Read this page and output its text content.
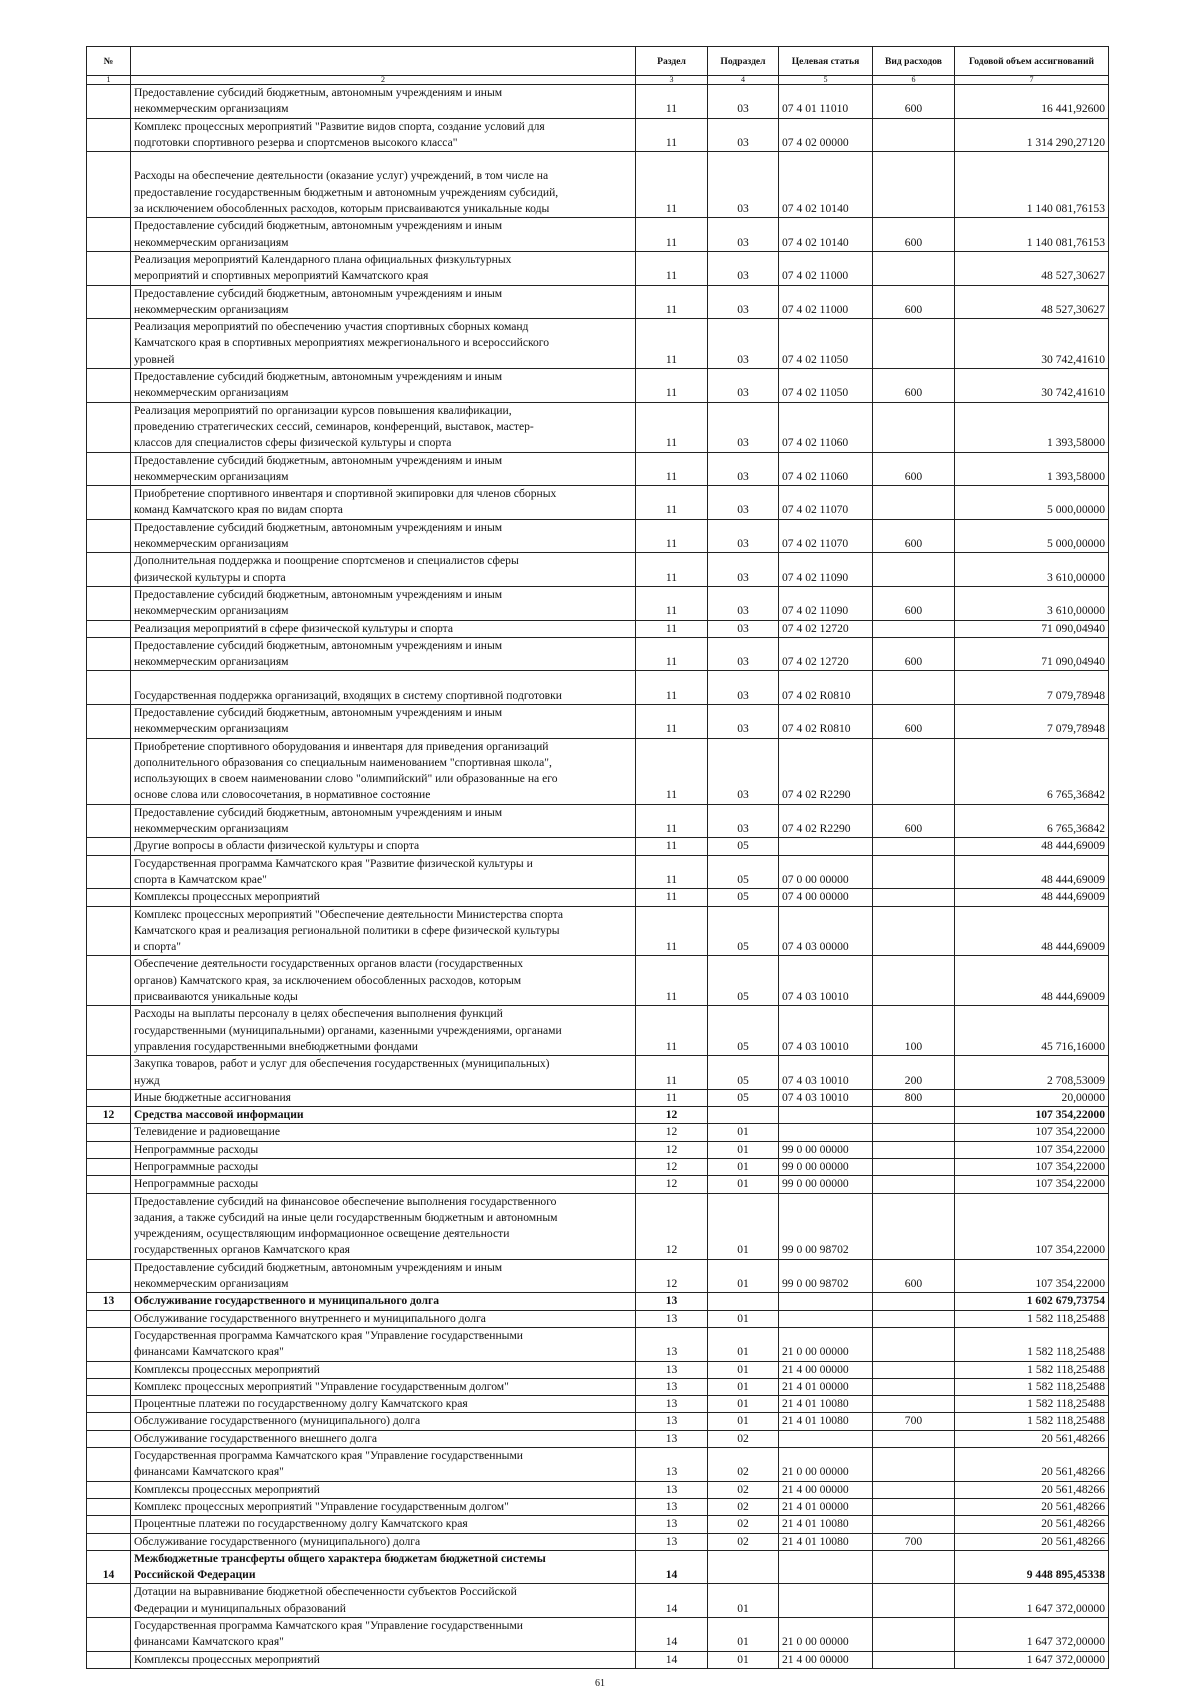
№		Раздел	Подраздел	Целевая статья	Вид расходов	Годовой объем ассигнований
1	2	3	4	5	6	7
	Предоставление субсидий бюджетным, автономным учреждениям и иным
некоммерческим организациям	11	03	07 4 01 11010	600	16 441,92600
	Комплекс процессных мероприятий "Развитие видов спорта, создание условий для
подготовки спортивного резерва и спортсменов высокого класса"	11	03	07 4 02 00000		1 314 290,27120

Расходы на обеспечение деятельности (оказание услуг) учреждений, в том числе на
предоставление государственным бюджетным и автономным учреждениям субсидий,
за исключением обособленных расходов, которым присваиваются уникальные коды	11	03	07 4 02 10140		1 140 081,76153
	Предоставление субсидий бюджетным, автономным учреждениям и иным
некоммерческим организациям	11	03	07 4 02 10140	600	1 140 081,76153
	Реализация мероприятий Календарного плана официальных физкультурных
мероприятий и спортивных мероприятий Камчатского края	11	03	07 4 02 11000		48 527,30627
	Предоставление субсидий бюджетным, автономным учреждениям и иным
некоммерческим организациям	11	03	07 4 02 11000	600	48 527,30627
	Реализация мероприятий по обеспечению участия спортивных сборных команд
Камчатского края в спортивных мероприятиях межрегионального и всероссийского
уровней	11	03	07 4 02 11050		30 742,41610
	Предоставление субсидий бюджетным, автономным учреждениям и иным
некоммерческим организациям	11	03	07 4 02 11050	600	30 742,41610
	Реализация мероприятий по организации курсов повышения квалификации,
проведению стратегических сессий, семинаров, конференций, выставок, мастер-
классов для специалистов сферы физической культуры и спорта	11	03	07 4 02 11060		1 393,58000
	Предоставление субсидий бюджетным, автономным учреждениям и иным
некоммерческим организациям	11	03	07 4 02 11060	600	1 393,58000
	Приобретение спортивного инвентаря и спортивной экипировки для членов сборных
команд Камчатского края по видам спорта	11	03	07 4 02 11070		5 000,00000
	Предоставление субсидий бюджетным, автономным учреждениям и иным
некоммерческим организациям	11	03	07 4 02 11070	600	5 000,00000
	Дополнительная поддержка и поощрение спортсменов и специалистов сферы
физической культуры и спорта	11	03	07 4 02 11090		3 610,00000
	Предоставление субсидий бюджетным, автономным учреждениям и иным
некоммерческим организациям	11	03	07 4 02 11090	600	3 610,00000
	Реализация мероприятий в сфере физической культуры и спорта	11	03	07 4 02 12720		71 090,04940
	Предоставление субсидий бюджетным, автономным учреждениям и иным
некоммерческим организациям	11	03	07 4 02 12720	600	71 090,04940

Государственная поддержка организаций, входящих в систему спортивной подготовки	11	03	07 4 02 R0810		7 079,78948
	Предоставление субсидий бюджетным, автономным учреждениям и иным
некоммерческим организациям	11	03	07 4 02 R0810	600	7 079,78948
	Приобретение спортивного оборудования и инвентаря для приведения организаций
дополнительного образования со специальным наименованием "спортивная школа",
использующих в своем наименовании слово "олимпийский" или образованные на его
основе слова или словосочетания, в нормативное состояние	11	03	07 4 02 R2290		6 765,36842
	Предоставление субсидий бюджетным, автономным учреждениям и иным
некоммерческим организациям	11	03	07 4 02 R2290	600	6 765,36842
	Другие вопросы в области физической культуры и спорта	11	05			48 444,69009
	Государственная программа Камчатского края "Развитие физической культуры и
спорта в Камчатском крае"	11	05	07 0 00 00000		48 444,69009
	Комплексы процессных мероприятий	11	05	07 4 00 00000		48 444,69009
	Комплекс процессных мероприятий "Обеспечение деятельности Министерства спорта
Камчатского края и реализация региональной политики в сфере физической культуры
и спорта"	11	05	07 4 03 00000		48 444,69009
	Обеспечение деятельности государственных органов власти (государственных
органов) Камчатского края, за исключением обособленных расходов, которым
присваиваются уникальные коды	11	05	07 4 03 10010		48 444,69009
	Расходы на выплаты персоналу в целях обеспечения выполнения функций
государственными (муниципальными) органами, казенными учреждениями, органами
управления государственными внебюджетными фондами	11	05	07 4 03 10010	100	45 716,16000
	Закупка товаров, работ и услуг для обеспечения государственных (муниципальных)
нужд	11	05	07 4 03 10010	200	2 708,53009
	Иные бюджетные ассигнования	11	05	07 4 03 10010	800	20,00000
12	Средства массовой информации	12				107 354,22000
	Телевидение и радиовещание	12	01			107 354,22000
	Непрограммные расходы	12	01	99 0 00 00000		107 354,22000
	Непрограммные расходы	12	01	99 0 00 00000		107 354,22000
	Непрограммные расходы	12	01	99 0 00 00000		107 354,22000
	Предоставление субсидий на финансовое обеспечение выполнения государственного
задания, а также субсидий на иные цели государственным бюджетным и автономным
учреждениям, осуществляющим информационное освещение деятельности
государственных органов Камчатского края	12	01	99 0 00 98702		107 354,22000
	Предоставление субсидий бюджетным, автономным учреждениям и иным
некоммерческим организациям	12	01	99 0 00 98702	600	107 354,22000
13	Обслуживание государственного и муниципального долга	13				1 602 679,73754
	Обслуживание государственного внутреннего и муниципального долга	13	01			1 582 118,25488
	Государственная программа Камчатского края "Управление государственными
финансами Камчатского края"	13	01	21 0 00 00000		1 582 118,25488
	Комплексы процессных мероприятий	13	01	21 4 00 00000		1 582 118,25488
	Комплекс процессных мероприятий "Управление государственным долгом"	13	01	21 4 01 00000		1 582 118,25488
	Процентные платежи по государственному долгу Камчатского края	13	01	21 4 01 10080		1 582 118,25488
	Обслуживание государственного (муниципального) долга	13	01	21 4 01 10080	700	1 582 118,25488
	Обслуживание государственного внешнего долга	13	02			20 561,48266
	Государственная программа Камчатского края "Управление государственными
финансами Камчатского края"	13	02	21 0 00 00000		20 561,48266
	Комплексы процессных мероприятий	13	02	21 4 00 00000		20 561,48266
	Комплекс процессных мероприятий "Управление государственным долгом"	13	02	21 4 01 00000		20 561,48266
	Процентные платежи по государственному долгу Камчатского края	13	02	21 4 01 10080		20 561,48266
	Обслуживание государственного (муниципального) долга	13	02	21 4 01 10080	700	20 561,48266
14	Межбюджетные трансферты общего характера бюджетам бюджетной системы
Российской Федерации	14				9 448 895,45338
	Дотации на выравнивание бюджетной обеспеченности субъектов Российской
Федерации и муниципальных образований	14	01			1 647 372,00000
	Государственная программа Камчатского края "Управление государственными
финансами Камчатского края"	14	01	21 0 00 00000		1 647 372,00000
	Комплексы процессных мероприятий	14	01	21 4 00 00000		1 647 372,00000
61
